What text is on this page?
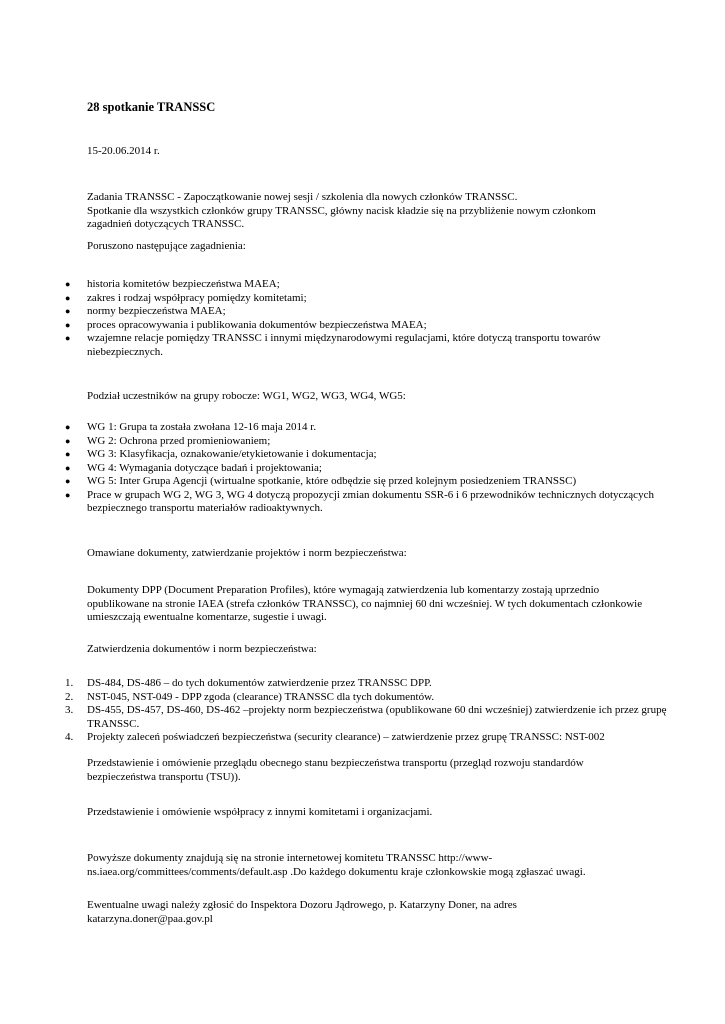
28 spotkanie TRANSSC
15-20.06.2014 r.
Zadania TRANSSC - Zapoczątkowanie nowej sesji / szkolenia dla nowych członków TRANSSC.
Spotkanie dla wszystkich członków grupy TRANSSC, główny nacisk kładzie się na przybliżenie nowym członkom
zagadnień dotyczących TRANSSC.
Poruszono następujące zagadnienia:
●	historia komitetów bezpieczeństwa MAEA;
●	zakres i rodzaj współpracy pomiędzy komitetami;
●	normy bezpieczeństwa MAEA;
●	proces opracowywania i publikowania dokumentów bezpieczeństwa MAEA;
●	wzajemne relacje pomiędzy TRANSSC i innymi międzynarodowymi regulacjami, które dotyczą transportu towarów niebezpiecznych.
Podział uczestników na grupy robocze: WG1, WG2, WG3, WG4, WG5:
●	WG 1: Grupa ta została zwołana 12-16 maja 2014 r.
●	WG 2: Ochrona przed promieniowaniem;
●	WG 3: Klasyfikacja, oznakowanie/etykietowanie i dokumentacja;
●	WG 4: Wymagania dotyczące badań i projektowania;
●	WG 5: Inter Grupa Agencji (wirtualne spotkanie, które odbędzie się przed kolejnym posiedzeniem TRANSSC)
●	Prace w grupach WG 2, WG 3, WG 4 dotyczą propozycji zmian dokumentu SSR-6 i 6 przewodników technicznych dotyczących bezpiecznego transportu materiałów radioaktywnych.
Omawiane dokumenty, zatwierdzanie projektów i norm bezpieczeństwa:
Dokumenty DPP (Document Preparation Profiles), które wymagają zatwierdzenia lub komentarzy zostają uprzednio opublikowane na stronie IAEA (strefa członków TRANSSC), co najmniej 60 dni wcześniej. W tych dokumentach członkowie umieszczają ewentualne komentarze, sugestie i uwagi.
Zatwierdzenia dokumentów i norm bezpieczeństwa:
1.	DS-484, DS-486 – do tych dokumentów zatwierdzenie przez TRANSSC DPP.
2.	NST-045, NST-049 - DPP zgoda (clearance) TRANSSC dla tych dokumentów.
3.	DS-455, DS-457, DS-460, DS-462 –projekty norm bezpieczeństwa (opublikowane 60 dni wcześniej) zatwierdzenie ich przez grupę TRANSSC.
4.	Projekty zaleceń poświadczeń bezpieczeństwa (security clearance) – zatwierdzenie przez grupę TRANSSC: NST-002
Przedstawienie i omówienie przeglądu obecnego stanu bezpieczeństwa transportu (przegląd rozwoju standardów bezpieczeństwa transportu (TSU)).
Przedstawienie i omówienie współpracy z innymi komitetami i organizacjami.
Powyższe dokumenty znajdują się na stronie internetowej komitetu TRANSSC http://www-
ns.iaea.org/committees/comments/default.asp .Do każdego dokumentu kraje członkowskie mogą zgłaszać uwagi.
Ewentualne uwagi należy zgłosić do Inspektora Dozoru Jądrowego, p. Katarzyny Doner, na adres
katarzyna.doner@paa.gov.pl
